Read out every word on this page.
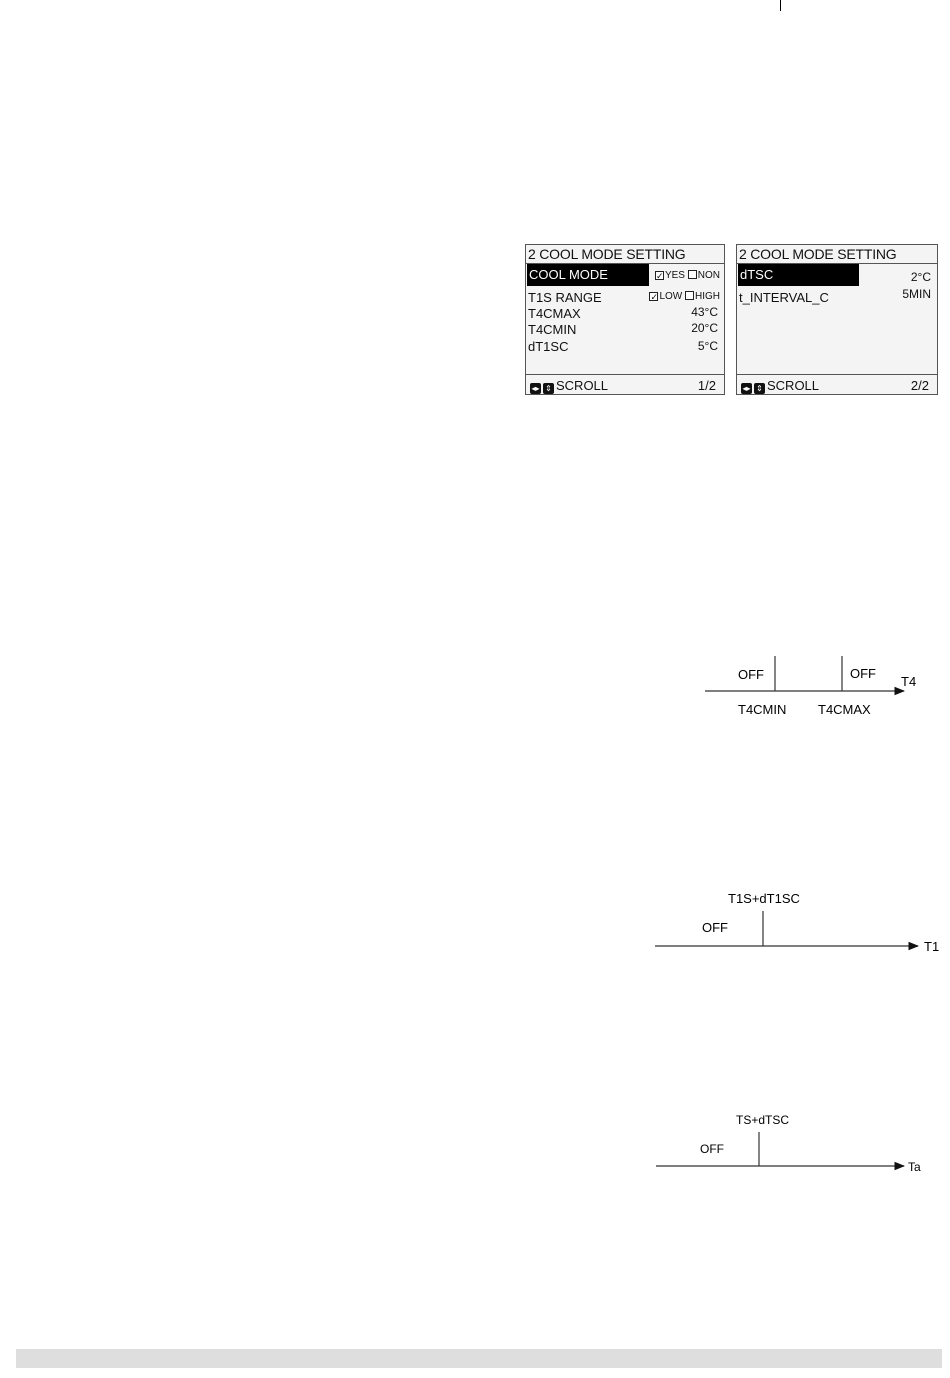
2 COOL MODE SETTING
COOL MODE	✓YES NON
T1S RANGE	✓LOW HIGH
T4CMAX	43°C
T4CMIN	20°C
dT1SC	5°C
◂▸ ⇕ SCROLL	1/2
2 COOL MODE SETTING
dTSC	2°C
t_INTERVAL_C	5MIN
◂▸ ⇕ SCROLL	2/2
OFF	OFF
T4
T4CMIN T4CMAX
T1S+dT1SC
OFF
T1
TS+dTSC
OFF
Ta
